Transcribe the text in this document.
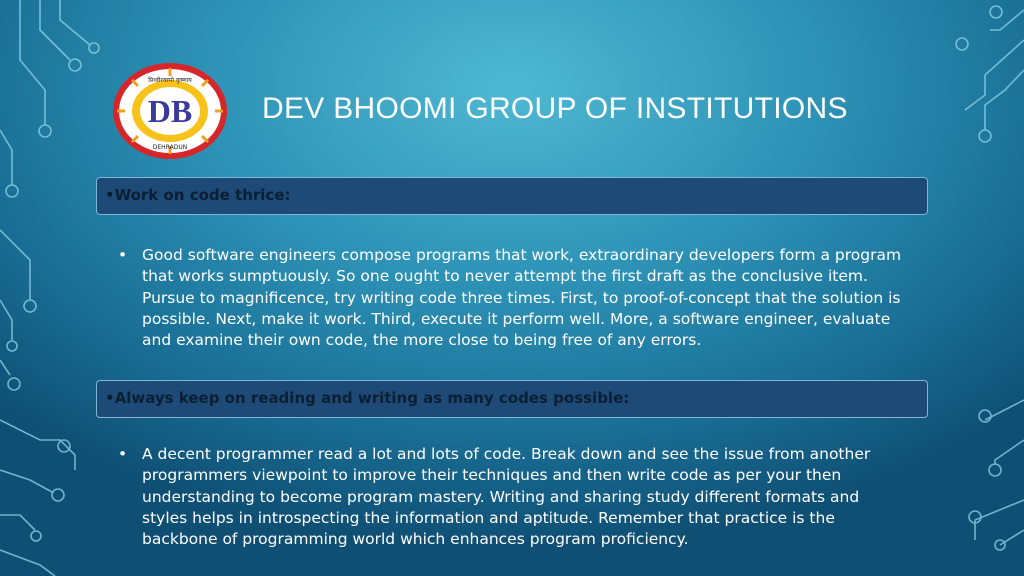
DB
प्रिथ्वीश्वरमो कृष्णाय
DEHRADUN
DEV BHOOMI GROUP OF INSTITUTIONS
•Work on code thrice:
• Good software engineers compose programs that work, extraordinary developers form a program that works sumptuously. So one ought to never attempt the first draft as the conclusive item. Pursue to magnificence, try writing code three times. First, to proof-of-concept that the solution is possible. Next, make it work. Third, execute it perform well. More, a software engineer, evaluate and examine their own code, the more close to being free of any errors.
•Always keep on reading and writing as many codes possible:
• A decent programmer read a lot and lots of code. Break down and see the issue from another programmers viewpoint to improve their techniques and then write code as per your then understanding to become program mastery. Writing and sharing study different formats and styles helps in introspecting the information and aptitude. Remember that practice is the backbone of programming world which enhances program proficiency.
